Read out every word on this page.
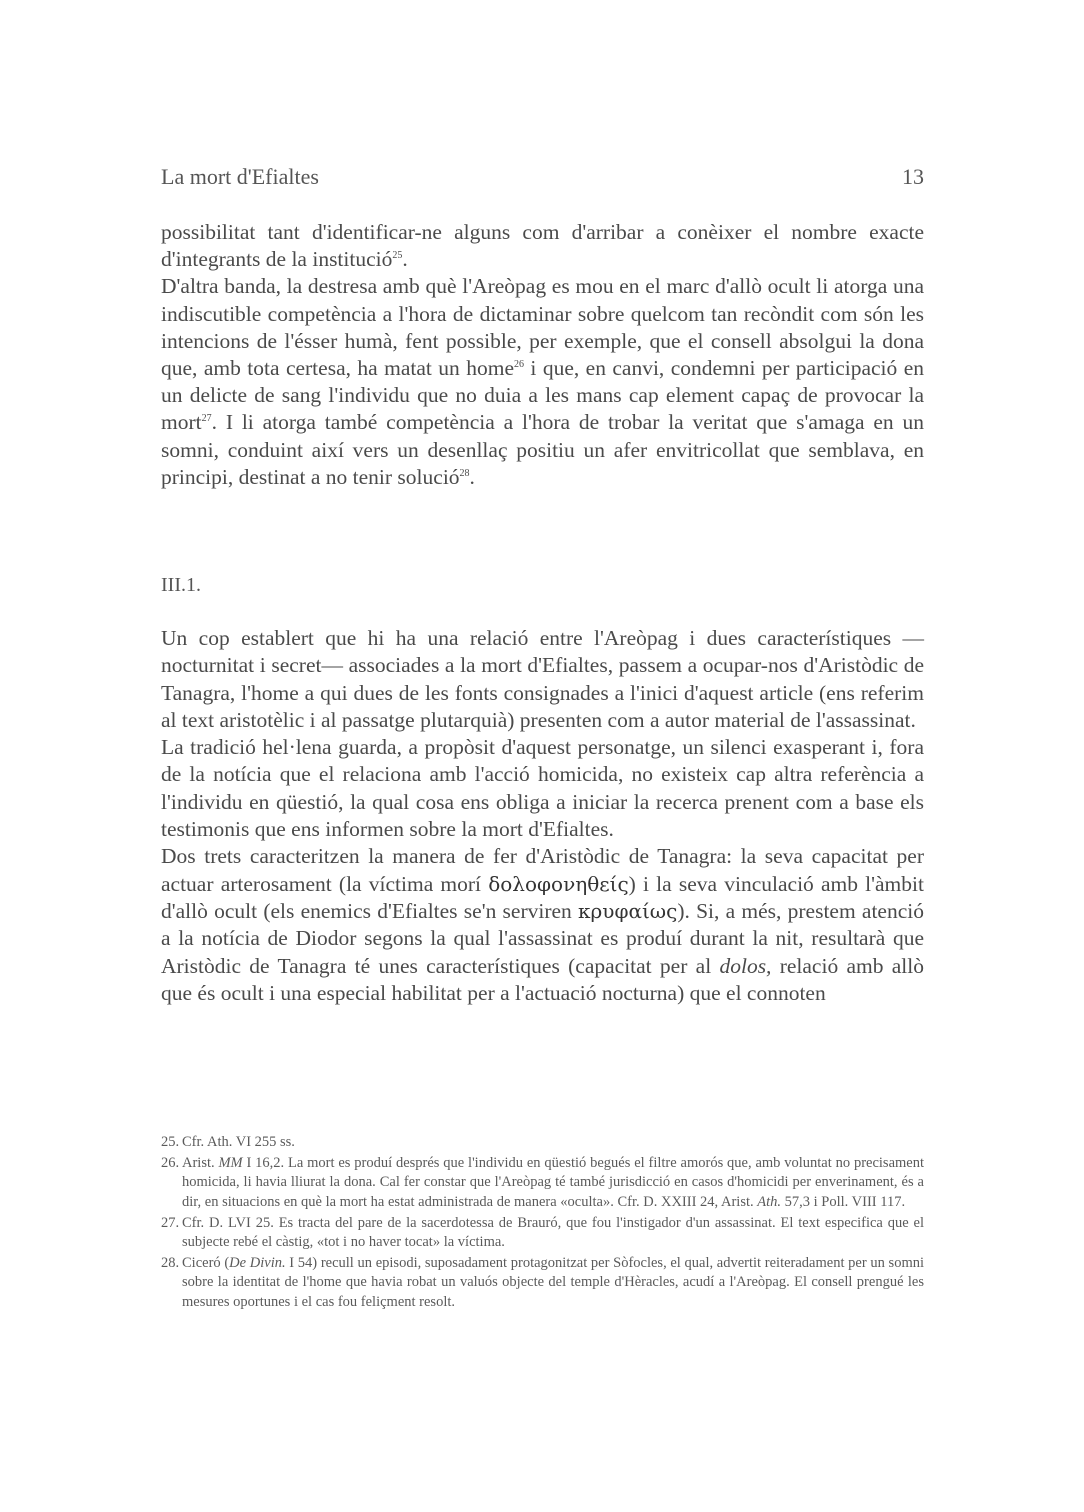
La mort d'Efialtes	13

possibilitat tant d'identificar-ne alguns com d'arribar a conèixer el nombre exacte d'integrants de la institució$^{25}$.

D'altra banda, la destresa amb què l'Areòpag es mou en el marc d'allò ocult li atorga una indiscutible competència a l'hora de dictaminar sobre quelcom tan recòndit com són les intencions de l'ésser humà, fent possible, per exemple, que el consell absolgui la dona que, amb tota certesa, ha matat un home$^{26}$ i que, en canvi, condemni per participació en un delicte de sang l'individu que no duia a les mans cap element capaç de provocar la mort$^{27}$. I li atorga també competència a l'hora de trobar la veritat que s'amaga en un somni, conduint així vers un desenllaç positiu un afer envitricollat que semblava, en principi, destinat a no tenir solució$^{28}$.

III.1.

Un cop establert que hi ha una relació entre l'Areòpag i dues característiques —nocturnitat i secret— associades a la mort d'Efialtes, passem a ocupar-nos d'Aristòdic de Tanagra, l'home a qui dues de les fonts consignades a l'inici d'aquest article (ens referim al text aristotèlic i al passatge plutarquià) presenten com a autor material de l'assassinat.

La tradició hel·lena guarda, a propòsit d'aquest personatge, un silenci exasperant i, fora de la notícia que el relaciona amb l'acció homicida, no existeix cap altra referència a l'individu en qüestió, la qual cosa ens obliga a iniciar la recerca prenent com a base els testimonis que ens informen sobre la mort d'Efialtes.

Dos trets caracteritzen la manera de fer d'Aristòdic de Tanagra: la seva capacitat per actuar arterosament (la víctima morí δολοφονηθείς) i la seva vinculació amb l'àmbit d'allò ocult (els enemics d'Efialtes se'n serviren κρυφαίως). Si, a més, prestem atenció a la notícia de Diodor segons la qual l'assassinat es produí durant la nit, resultarà que Aristòdic de Tanagra té unes característiques (capacitat per al dolos, relació amb allò que és ocult i una especial habilitat per a l'actuació nocturna) que el connoten

25. Cfr. Ath. VI 255 ss.
26. Arist. MM I 16,2. La mort es produí després que l'individu en qüestió begués el filtre amorós que, amb voluntat no precisament homicida, li havia lliurat la dona. Cal fer constar que l'Areòpag té també jurisdicció en casos d'homicidi per enverinament, és a dir, en situacions en què la mort ha estat administrada de manera «oculta». Cfr. D. XXIII 24, Arist. Ath. 57,3 i Poll. VIII 117.
27. Cfr. D. LVI 25. Es tracta del pare de la sacerdotessa de Brauró, que fou l'instigador d'un assassinat. El text especifica que el subjecte rebé el càstig, «tot i no haver tocat» la víctima.
28. Ciceró (De Divin. I 54) recull un episodi, suposadament protagonitzat per Sòfocles, el qual, advertit reiteradament per un somni sobre la identitat de l'home que havia robat un valuós objecte del temple d'Hèracles, acudí a l'Areòpag. El consell prengué les mesures oportunes i el cas fou feliçment resolt.
